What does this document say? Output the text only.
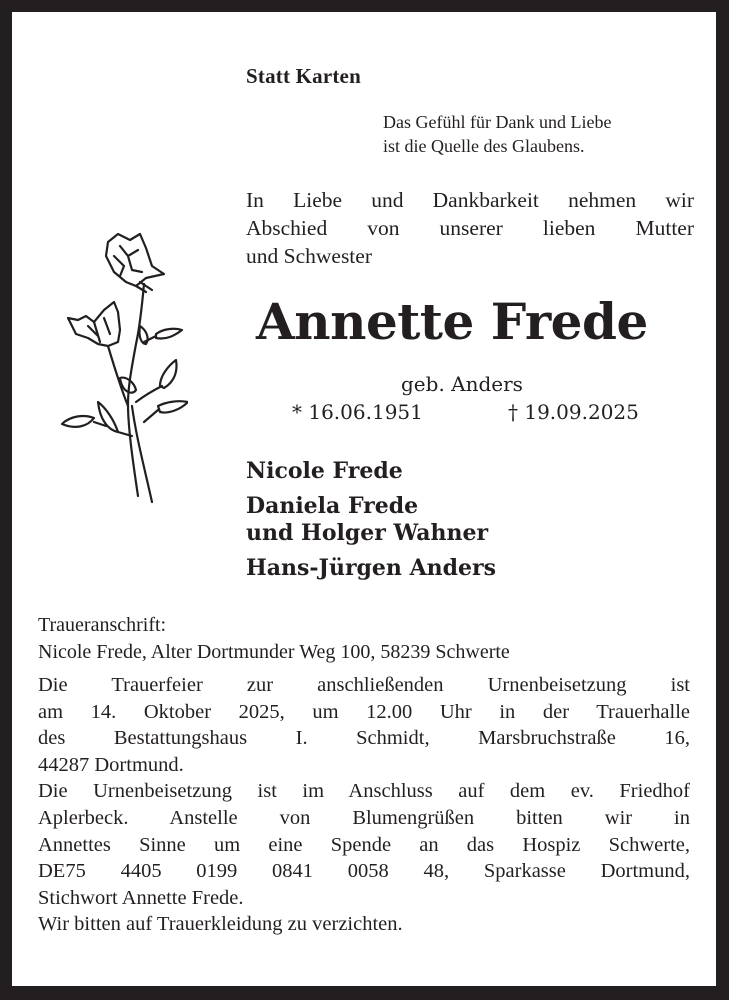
Statt Karten
Das Gefühl für Dank und Liebe
ist die Quelle des Glaubens.
In Liebe und Dankbarkeit nehmen wir
Abschied von unserer lieben Mutter
und Schwester
Annette Frede
geb. Anders
* 16.06.1951	† 19.09.2025
Nicole Frede
Daniela Frede
und Holger Wahner
Hans-Jürgen Anders
Traueranschrift:
Nicole Frede, Alter Dortmunder Weg 100, 58239 Schwerte
Die Trauerfeier zur anschließenden Urnenbeisetzung ist
am 14. Oktober 2025, um 12.00 Uhr in der Trauerhalle
des Bestattungshaus I. Schmidt, Marsbruchstraße 16,
44287 Dortmund.
Die Urnenbeisetzung ist im Anschluss auf dem ev. Friedhof
Aplerbeck. Anstelle von Blumengrüßen bitten wir in
Annettes Sinne um eine Spende an das Hospiz Schwerte,
DE75 4405 0199 0841 0058 48, Sparkasse Dortmund,
Stichwort Annette Frede.
Wir bitten auf Trauerkleidung zu verzichten.
